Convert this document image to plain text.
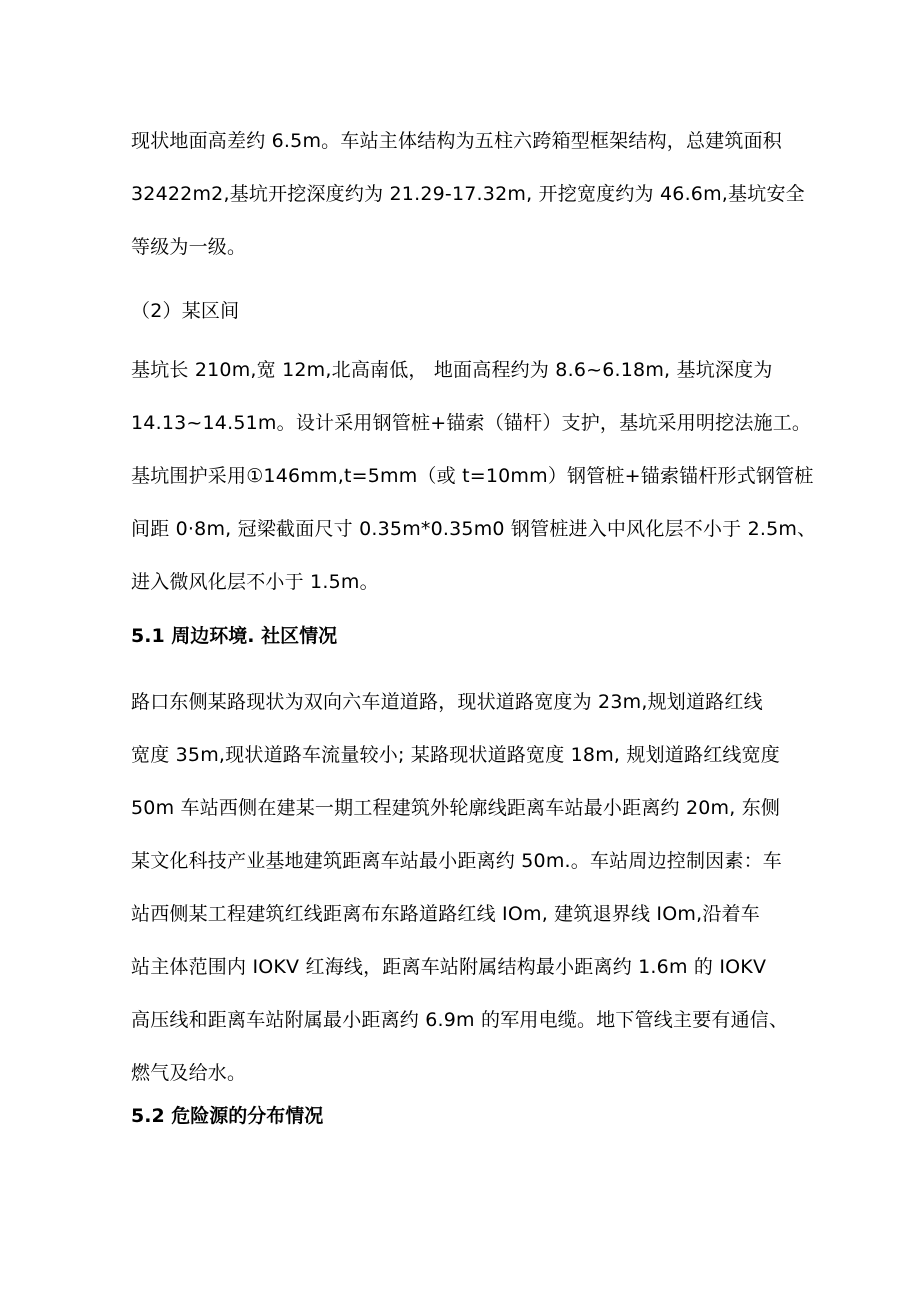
现状地面高差约 6.5m。车站主体结构为五柱六跨箱型框架结构，总建筑面积
32422m2,基坑开挖深度约为 21.29-17.32m, 开挖宽度约为 46.6m,基坑安全
等级为一级。
（2）某区间
基坑长 210m,宽 12m,北高南低， 地面高程约为 8.6~6.18m, 基坑深度为
14.13~14.51m。设计采用钢管桩+锚索（锚杆）支护，基坑采用明挖法施工。
基坑围护采用①146mm,t=5mm（或 t=10mm）钢管桩+锚索锚杆形式钢管桩
间距 0·8m, 冠梁截面尺寸 0.35m*0.35m0 钢管桩进入中风化层不小于 2.5m、
进入微风化层不小于 1.5m。
5.1 周边环境. 社区情况
路口东侧某路现状为双向六车道道路，现状道路宽度为 23m,规划道路红线
宽度 35m,现状道路车流量较小; 某路现状道路宽度 18m, 规划道路红线宽度
50m 车站西侧在建某一期工程建筑外轮廓线距离车站最小距离约 20m, 东侧
某文化科技产业基地建筑距离车站最小距离约 50m.。车站周边控制因素：车
站西侧某工程建筑红线距离布东路道路红线 IOm, 建筑退界线 IOm,沿着车
站主体范围内 IOKV 红海线，距离车站附属结构最小距离约 1.6m 的 IOKV
高压线和距离车站附属最小距离约 6.9m 的军用电缆。地下管线主要有通信、
燃气及给水。
5.2 危险源的分布情况
